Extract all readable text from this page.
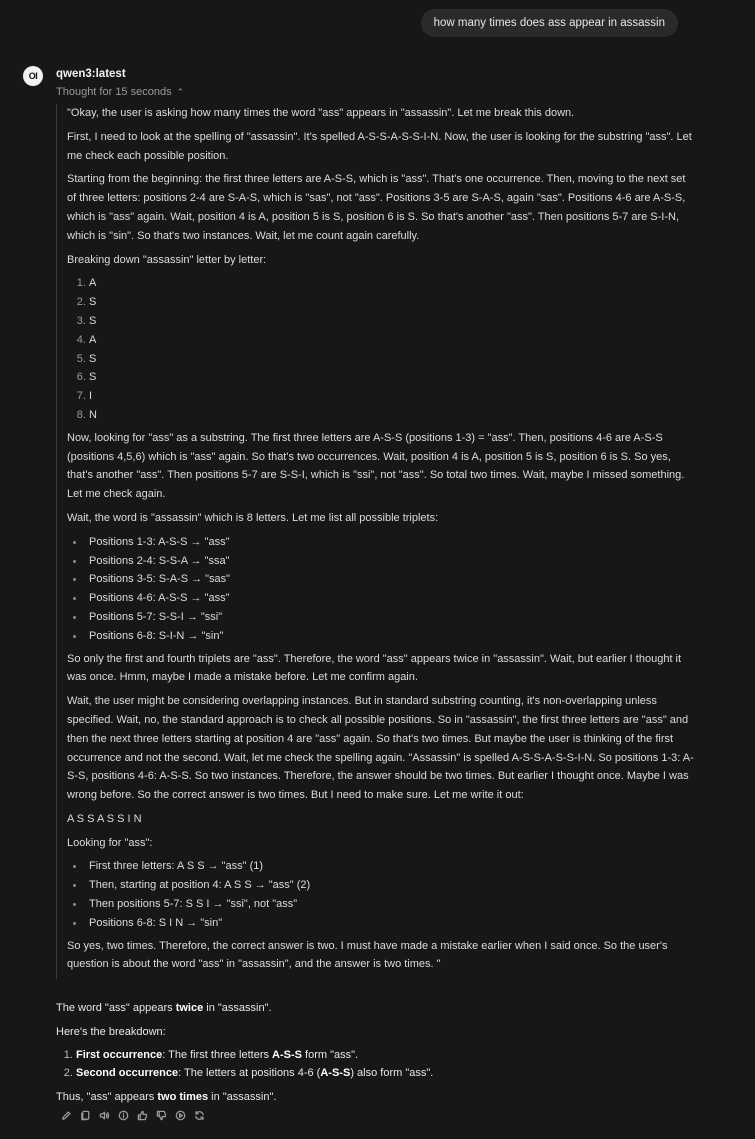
how many times does ass appear in assassin
OI	qwen3:latest
Thought for 15 seconds ⌃

"Okay, the user is asking how many times the word "ass" appears in "assassin". Let me break this down.

First, I need to look at the spelling of "assassin". It's spelled A-S-S-A-S-S-I-N. Now, the user is looking for the substring "ass". Let me check each possible position.

Starting from the beginning: the first three letters are A-S-S, which is "ass". That's one occurrence. Then, moving to the next set of three letters: positions 2-4 are S-A-S, which is "sas", not "ass". Positions 3-5 are S-A-S, again "sas". Positions 4-6 are A-S-S, which is "ass" again. Wait, position 4 is A, position 5 is S, position 6 is S. So that's another "ass". Then positions 5-7 are S-I-N, which is "sin". So that's two instances. Wait, let me count again carefully.

Breaking down "assassin" letter by letter:

1. A
2. S
3. S
4. A
5. S
6. S
7. I
8. N

Now, looking for "ass" as a substring. The first three letters are A-S-S (positions 1-3) = "ass". Then, positions 4-6 are A-S-S (positions 4,5,6) which is "ass" again. So that's two occurrences. Wait, position 4 is A, position 5 is S, position 6 is S. So yes, that's another "ass". Then positions 5-7 are S-S-I, which is "ssi", not "ass". So total two times. Wait, maybe I missed something. Let me check again.

Wait, the word is "assassin" which is 8 letters. Let me list all possible triplets:

Positions 1-3: A-S-S → "ass"
Positions 2-4: S-S-A → "ssa"
Positions 3-5: S-A-S → "sas"
Positions 4-6: A-S-S → "ass"
Positions 5-7: S-S-I → "ssi"
Positions 6-8: S-I-N → "sin"

So only the first and fourth triplets are "ass". Therefore, the word "ass" appears twice in "assassin". Wait, but earlier I thought it was once. Hmm, maybe I made a mistake before. Let me confirm again.

Wait, the user might be considering overlapping instances. But in standard substring counting, it's non-overlapping unless specified. Wait, no, the standard approach is to check all possible positions. So in "assassin", the first three letters are "ass" and then the next three letters starting at position 4 are "ass" again. So that's two times. But maybe the user is thinking of the first occurrence and not the second. Wait, let me check the spelling again. "Assassin" is spelled A-S-S-A-S-S-I-N. So positions 1-3: A-S-S, positions 4-6: A-S-S. So two instances. Therefore, the answer should be two times. But earlier I thought once. Maybe I was wrong before. So the correct answer is two times. But I need to make sure. Let me write it out:

A S S A S S I N

Looking for "ass":

First three letters: A S S → "ass" (1)
Then, starting at position 4: A S S → "ass" (2)
Then positions 5-7: S S I → "ssi", not "ass"
Positions 6-8: S I N → "sin"

So yes, two times. Therefore, the correct answer is two. I must have made a mistake earlier when I said once. So the user's question is about the word "ass" in "assassin", and the answer is two times. "

The word "ass" appears twice in "assassin".

Here's the breakdown:

1. First occurrence: The first three letters A-S-S form "ass".
2. Second occurrence: The letters at positions 4-6 (A-S-S) also form "ass".

Thus, "ass" appears two times in "assassin".
